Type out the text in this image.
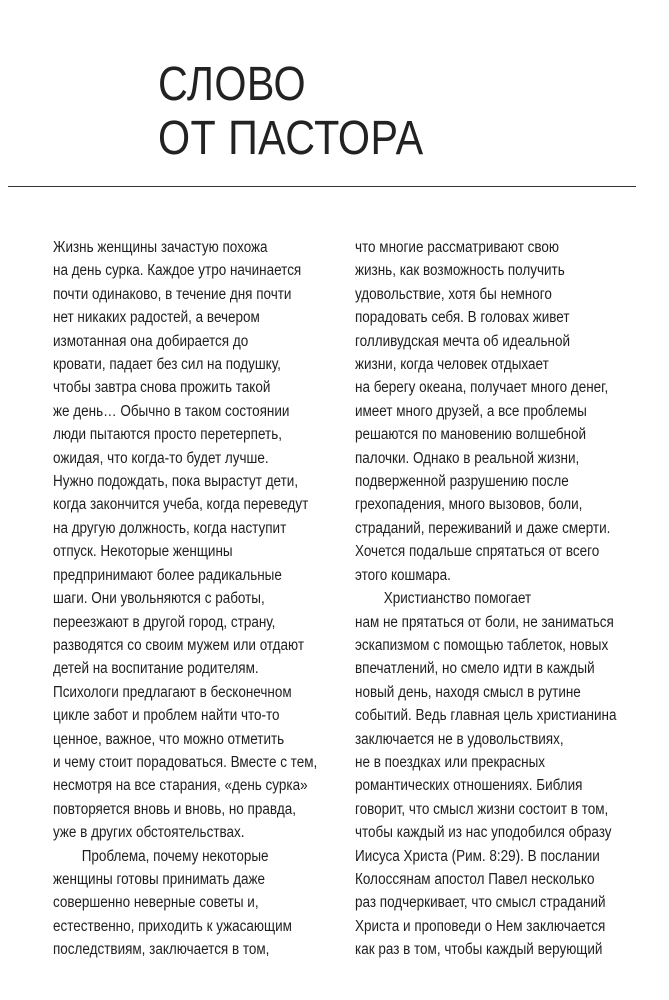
СЛОВО
ОТ ПАСТОРА
Жизнь женщины зачастую похожа
на день сурка. Каждое утро начинается
почти одинаково, в течение дня почти
нет никаких радостей, а вечером
измотанная она добирается до
кровати, падает без сил на подушку,
чтобы завтра снова прожить такой
же день… Обычно в таком состоянии
люди пытаются просто перетерпеть,
ожидая, что когда-то будет лучше.
Нужно подождать, пока вырастут дети,
когда закончится учеба, когда переведут
на другую должность, когда наступит
отпуск. Некоторые женщины
предпринимают более радикальные
шаги. Они увольняются с работы,
переезжают в другой город, страну,
разводятся со своим мужем или отдают
детей на воспитание родителям.
Психологи предлагают в бесконечном
цикле забот и проблем найти что-то
ценное, важное, что можно отметить
и чему стоит порадоваться. Вместе с тем,
несмотря на все старания, «день сурка»
повторяется вновь и вновь, но правда,
уже в других обстоятельствах.
Проблема, почему некоторые
женщины готовы принимать даже
совершенно неверные советы и,
естественно, приходить к ужасающим
последствиям, заключается в том,
что многие рассматривают свою
жизнь, как возможность получить
удовольствие, хотя бы немного
порадовать себя. В головах живет
голливудская мечта об идеальной
жизни, когда человек отдыхает
на берегу океана, получает много денег,
имеет много друзей, а все проблемы
решаются по мановению волшебной
палочки. Однако в реальной жизни,
подверженной разрушению после
грехопадения, много вызовов, боли,
страданий, переживаний и даже смерти.
Хочется подальше спрятаться от всего
этого кошмара.
Христианство помогает
нам не прятаться от боли, не заниматься
эскапизмом с помощью таблеток, новых
впечатлений, но смело идти в каждый
новый день, находя смысл в рутине
событий. Ведь главная цель христианина
заключается не в удовольствиях,
не в поездках или прекрасных
романтических отношениях. Библия
говорит, что смысл жизни состоит в том,
чтобы каждый из нас уподобился образу
Иисуса Христа (Рим. 8:29). В послании
Колоссянам апостол Павел несколько
раз подчеркивает, что смысл страданий
Христа и проповеди о Нем заключается
как раз в том, чтобы каждый верующий
